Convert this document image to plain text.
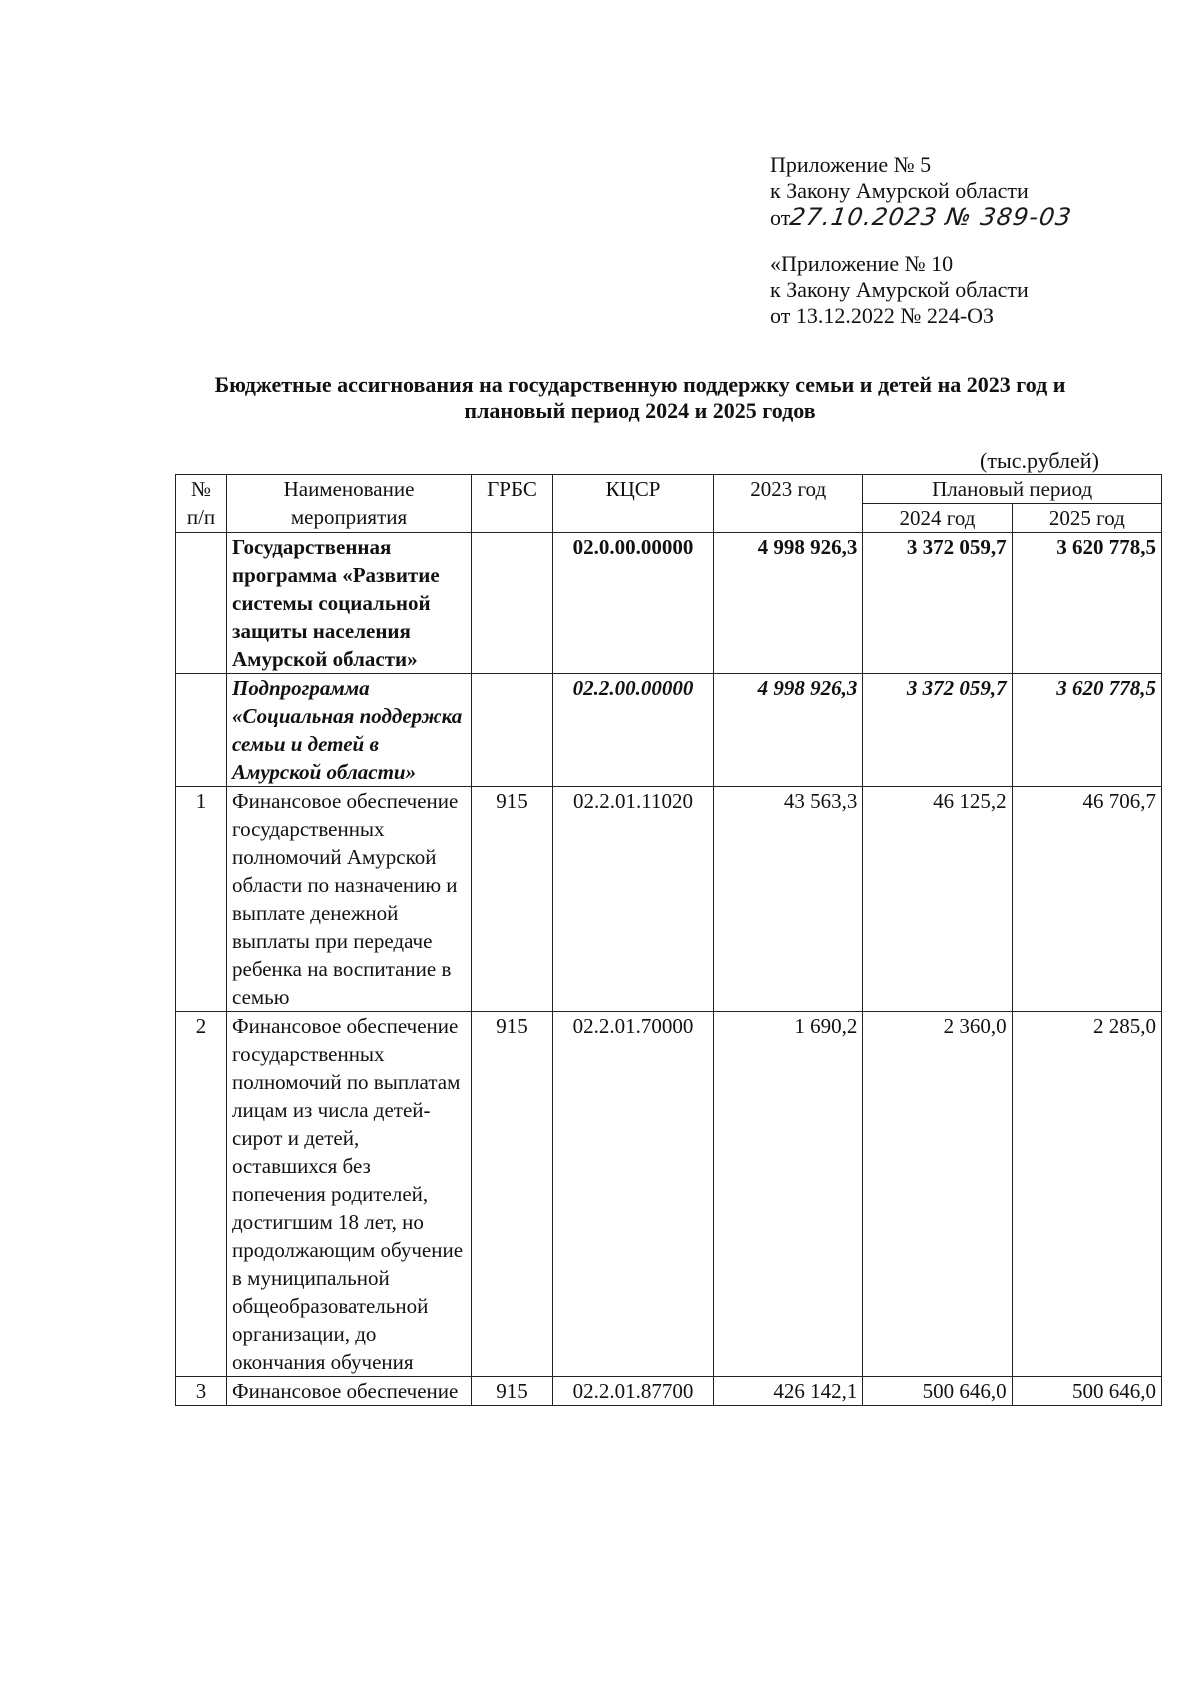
Приложение № 5
к Закону Амурской области
от27.10.2023 № 389-03
«Приложение № 10
к Закону Амурской области
от 13.12.2022 № 224-ОЗ
Бюджетные ассигнования на государственную поддержку семьи и детей на 2023 год и
плановый период 2024 и 2025 годов
(тыс.рублей)
№ п/п	Наименование мероприятия	ГРБС	КЦСР	2023 год	Плановый период	
					2024 год	2025 год
	Государственная программа «Развитие системы социальной защиты населения Амурской области»		02.0.00.00000	4 998 926,3	3 372 059,7	3 620 778,5
	Подпрограмма «Социальная поддержка семьи и детей в Амурской области»		02.2.00.00000	4 998 926,3	3 372 059,7	3 620 778,5
1	Финансовое обеспечение государственных полномочий Амурской области по назначению и выплате денежной выплаты при передаче ребенка на воспитание в семью	915	02.2.01.11020	43 563,3	46 125,2	46 706,7
2	Финансовое обеспечение государственных полномочий по выплатам лицам из числа детей-сирот и детей, оставшихся без попечения родителей, достигшим 18 лет, но продолжающим обучение в муниципальной общеобразовательной организации, до окончания обучения	915	02.2.01.70000	1 690,2	2 360,0	2 285,0
3	Финансовое обеспечение	915	02.2.01.87700	426 142,1	500 646,0	500 646,0
